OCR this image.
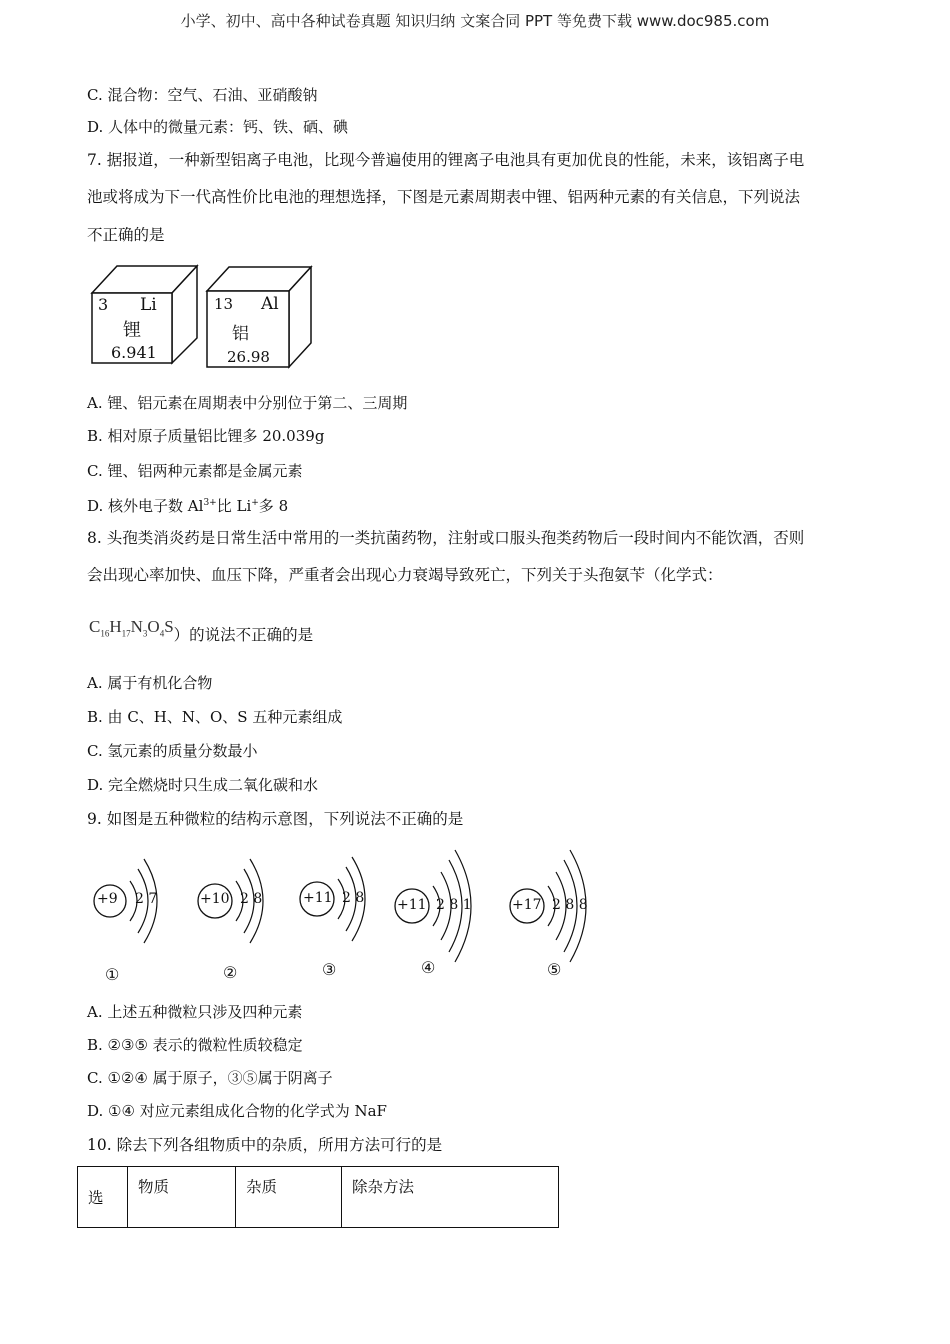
小学、初中、高中各种试卷真题 知识归纳 文案合同 PPT 等免费下载 www.doc985.com
C. 混合物：空气、石油、亚硝酸钠
D. 人体中的微量元素：钙、铁、硒、碘
7. 据报道，一种新型铝离子电池，比现今普遍使用的锂离子电池具有更加优良的性能，未来，该铝离子电
池或将成为下一代高性价比电池的理想选择，下图是元素周期表中锂、铝两种元素的有关信息，下列说法
不正确的是
3 Li
锂
6.941
13 Al
铝
26.98
A. 锂、铝元素在周期表中分别位于第二、三周期
B. 相对原子质量铝比锂多 20.039g
C. 锂、铝两种元素都是金属元素
D. 核外电子数 $Al^{3+}$比 Li+多 8
8. 头孢类消炎药是日常生活中常用的一类抗菌药物，注射或口服头孢类药物后一段时间内不能饮酒，否则
会出现心率加快、血压下降，严重者会出现心力衰竭导致死亡，下列关于头孢氨苄（化学式：
$C_{16}H_{17}N_3O_4S$）的说法不正确的是
A. 属于有机化合物
B. 由 C、H、N、O、S 五种元素组成
C. 氢元素的质量分数最小
D. 完全燃烧时只生成二氧化碳和水
9. 如图是五种微粒的结构示意图，下列说法不正确的是
+9 2 7
①
+10 2 8
②
+11 2 8
③
+11 2 8 1
④
+17 2 8 8
⑤
A. 上述五种微粒只涉及四种元素
B. ②③⑤ 表示的微粒性质较稳定
C. ①②④ 属于原子，③⑤属于阴离子
D. ①④ 对应元素组成化合物的化学式为 NaF
10. 除去下列各组物质中的杂质，所用方法可行的是
选	物质	杂质	除杂方法
